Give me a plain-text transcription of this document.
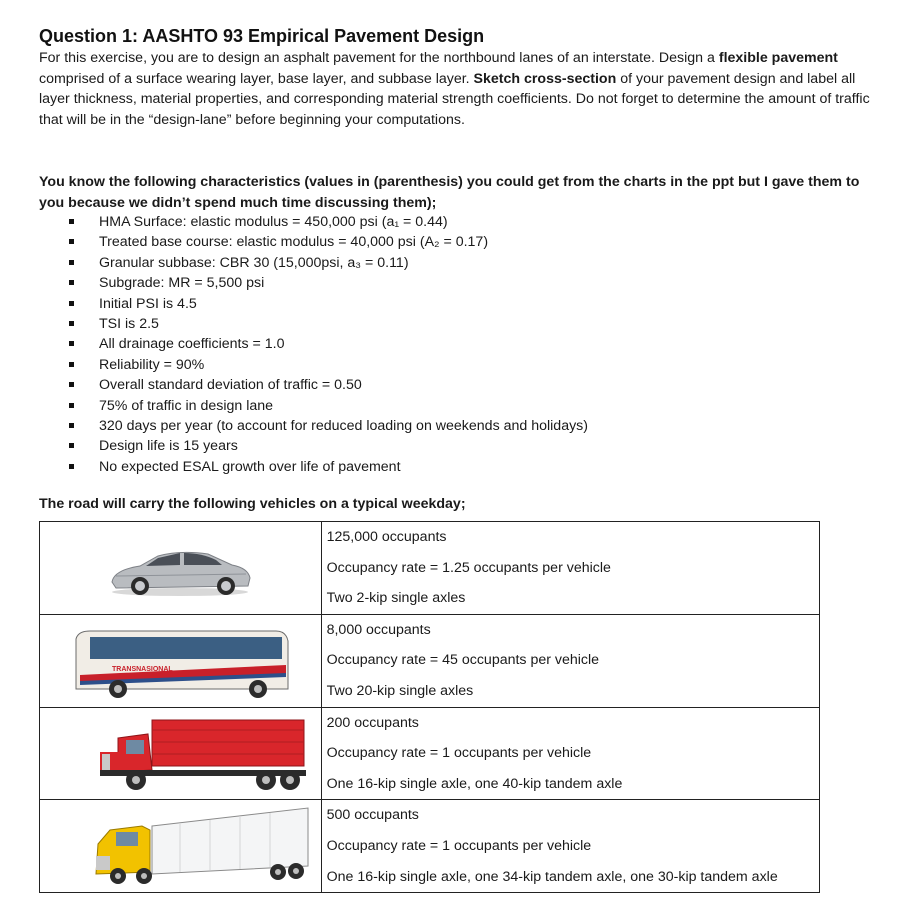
Question 1: AASHTO 93 Empirical Pavement Design

For this exercise, you are to design an asphalt pavement for the northbound lanes of an interstate. Design a flexible pavement comprised of a surface wearing layer, base layer, and subbase layer. Sketch cross-section of your pavement design and label all layer thickness, material properties, and corresponding material strength coefficients. Do not forget to determine the amount of traffic that will be in the “design-lane” before beginning your computations.

You know the following characteristics (values in (parenthesis) you could get from the charts in the ppt but I gave them to you because we didn’t spend much time discussing them);

HMA Surface: elastic modulus = 450,000 psi (a₁ = 0.44)
Treated base course: elastic modulus = 40,000 psi (A₂ = 0.17)
Granular subbase: CBR 30 (15,000psi, a₃ = 0.11)
Subgrade: MR = 5,500 psi
Initial PSI is 4.5
TSI is 2.5
All drainage coefficients = 1.0
Reliability = 90%
Overall standard deviation of traffic = 0.50
75% of traffic in design lane
320 days per year (to account for reduced loading on weekends and holidays)
Design life is 15 years
No expected ESAL growth over life of pavement

The road will carry the following vehicles on a typical weekday;

125,000 occupants
Occupancy rate = 1.25 occupants per vehicle
Two 2-kip single axles

TRANSNASIONAL	8,000 occupants
Occupancy rate = 45 occupants per vehicle
Two 20-kip single axles

200 occupants
Occupancy rate = 1 occupants per vehicle
One 16-kip single axle, one 40-kip tandem axle

500 occupants
Occupancy rate = 1 occupants per vehicle
One 16-kip single axle, one 34-kip tandem axle, one 30-kip tandem axle
